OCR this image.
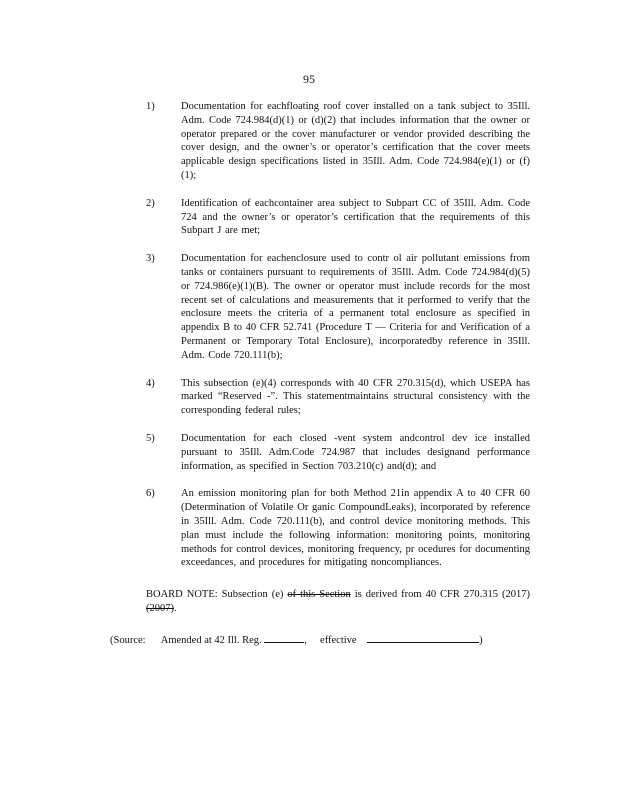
95
1)	Documentation for eachfloating roof cover installed on a tank subject to 35Ill. Adm. Code 724.984(d)(1) or (d)(2) that includes information that the owner or operator prepared or the cover manufacturer or vendor provided describing the cover design, and the owner’s or operator’s certification that the cover meets applicable design specifications listed in 35Ill. Adm. Code 724.984(e)(1) or (f)(1);
2)	Identification of eachcontainer area subject to Subpart CC of 35Ill. Adm. Code 724 and the owner’s or operator’s certification that the requirements of this Subpart J are met;
3)	Documentation for eachenclosure used to contr ol air pollutant emissions from tanks or containers pursuant to requirements of 35Ill. Adm. Code 724.984(d)(5) or 724.986(e)(1)(B). The owner or operator must include records for the most recent set of calculations and measurements that it performed to verify that the enclosure meets the criteria of a permanent total enclosure as specified in appendix B to 40 CFR 52.741 (Procedure T — Criteria for and Verification of a Permanent or Temporary Total Enclosure), incorporatedby reference in 35Ill. Adm. Code 720.111(b);
4)	This subsection (e)(4) corresponds with 40 CFR 270.315(d), which USEPA has marked “Reserved -”. This statementmaintains structural consistency with the corresponding federal rules;
5)	Documentation for each closed -vent system andcontrol dev ice installed pursuant to 35Ill. Adm.Code 724.987 that includes designand performance information, as specified in Section 703.210(c) and(d); and
6)	An emission monitoring plan for both Method 21in appendix A to 40 CFR 60 (Determination of Volatile Or ganic CompoundLeaks), incorporated by reference in 35Ill. Adm. Code 720.111(b), and control device monitoring methods. This plan must include the following information: monitoring points, monitoring methods for control devices, monitoring frequency, pr ocedures for documenting exceedances, and procedures for mitigating noncompliances.
BOARD NOTE: Subsection (e) of this Section is derived from 40 CFR 270.315 (2017) (2007).
(Source: Amended at 42 Ill. Reg.	, effective	)
